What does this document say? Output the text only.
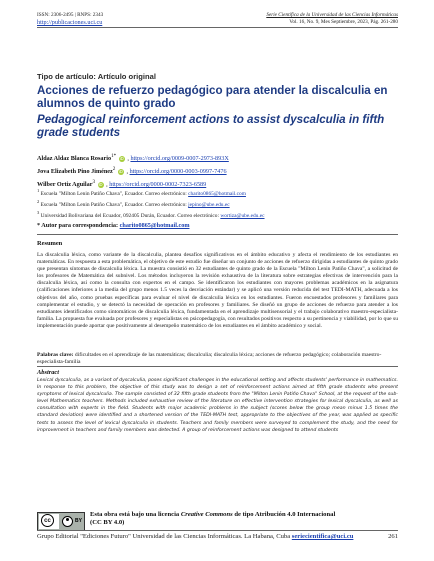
ISSN: 2306-2495 | RNPS: 2343
http://publicaciones.uci.cu
Serie Científica de la Universidad de las Ciencias Informáticas
Vol. 16, No. 9, Mes Septiembre, 2023, Pág. 261-280
Tipo de artículo: Artículo original
Acciones de refuerzo pedagógico para atender la discalculia en alumnos de quinto grado
Pedagogical reinforcement actions to assist dyscalculia in fifth grade students
Aldaz Aldaz Blanca Rosario$^{1*}$ iD , https://orcid.org/0009-0007-2973-893X
Jova Elizabeth Pino Jiménez$^2$ iD , https://orcid.org/0000-0003-0997-7476
Wilber Ortiz Aguilar$^3$ iD , https://orcid.org/0000-0002-7323-6589
$^1$ Escuela "Milton Lenin Patiño Chava", Ecuador. Correo electrónico: charito0865@hotmail.com
$^2$ Escuela "Milton Lenin Patiño Chava", Ecuador. Correo electrónico: jepino@ube.edu.ec
$^3$ Universidad Bolivariana del Ecuador, 092405 Durán, Ecuador. Correo electrónico: wortiza@ube.edu.ec
* Autor para correspondencia: charito0865@hotmail.com
Resumen
La discalculia léxica, como variante de la discalculia, plantea desafíos significativos en el ámbito educativo y afecta el rendimiento de los estudiantes en matemáticas. En respuesta a esta problemática, el objetivo de este estudio fue diseñar un conjunto de acciones de refuerzo dirigidas a estudiantes de quinto grado que presentan síntomas de discalculia léxica. La muestra consistió en 32 estudiantes de quinto grado de la Escuela "Milton Lenin Patiño Chava", a solicitud de los profesores de Matemática del subnivel. Los métodos incluyeron la revisión exhaustiva de la literatura sobre estrategias efectivas de intervención para la discalculia léxica, así como la consulta con expertos en el campo. Se identificaron los estudiantes con mayores problemas académicos en la asignatura (calificaciones inferiores a la media del grupo menos 1.5 veces la desviación estándar) y se aplicó una versión reducida del test TEDI-MATH, adecuada a los objetivos del año, como pruebas específicas para evaluar el nivel de discalculia léxica en los estudiantes. Fueron encuestados profesores y familiares para complementar el estudio, y se detectó la necesidad de operación en profesores y familiares. Se diseñó un grupo de acciones de refuerzo para atender a los estudiantes identificados como sintomáticos de discalculia léxica, fundamentada en el aprendizaje multisensorial y el trabajo colaborativo maestro-especialista-familia. La propuesta fue evaluada por profesores y especialistas en psicopedagogía, con resultados positivos respecto a su pertinencia y viabilidad, por lo que su implementación puede aportar que positivamente al desempeño matemático de los estudiantes en el ámbito académico y social.
Palabras clave: dificultades en el aprendizaje de las matemáticas; discalculia; discalculia léxica; acciones de refuerzo pedagógico; colaboración maestro-especialista-familia
Abstract
Lexical dyscalculia, as a variant of dyscalculia, poses significant challenges in the educational setting and affects students' performance in mathematics. In response to this problem, the objective of this study was to design a set of reinforcement actions aimed at fifth grade students who present symptoms of lexical dyscalculia. The sample consisted of 32 fifth grade students from the "Milton Lenin Patiño Chava" School, at the request of the sub-level Mathematics teachers. Methods included exhaustive review of the literature on effective intervention strategies for lexical dyscalculia, as well as consultation with experts in the field. Students with major academic problems in the subject (scores below the group mean minus 1.5 times the standard deviation) were identified and a shortened version of the TEDI-MATH test, appropriate to the objectives of the year, was applied as specific tests to assess the level of lexical dyscalculia in students. Teachers and family members were surveyed to complement the study, and the need for improvement in teachers and family members was detected. A group of reinforcement actions was designed to attend students
cc	BY
Esta obra está bajo una licencia Creative Commons de tipo Atribución 4.0 Internacional
(CC BY 4.0)
Grupo Editorial "Ediciones Futuro" Universidad de las Ciencias Informáticas. La Habana, Cuba seriecientifica@uci.cu	261
